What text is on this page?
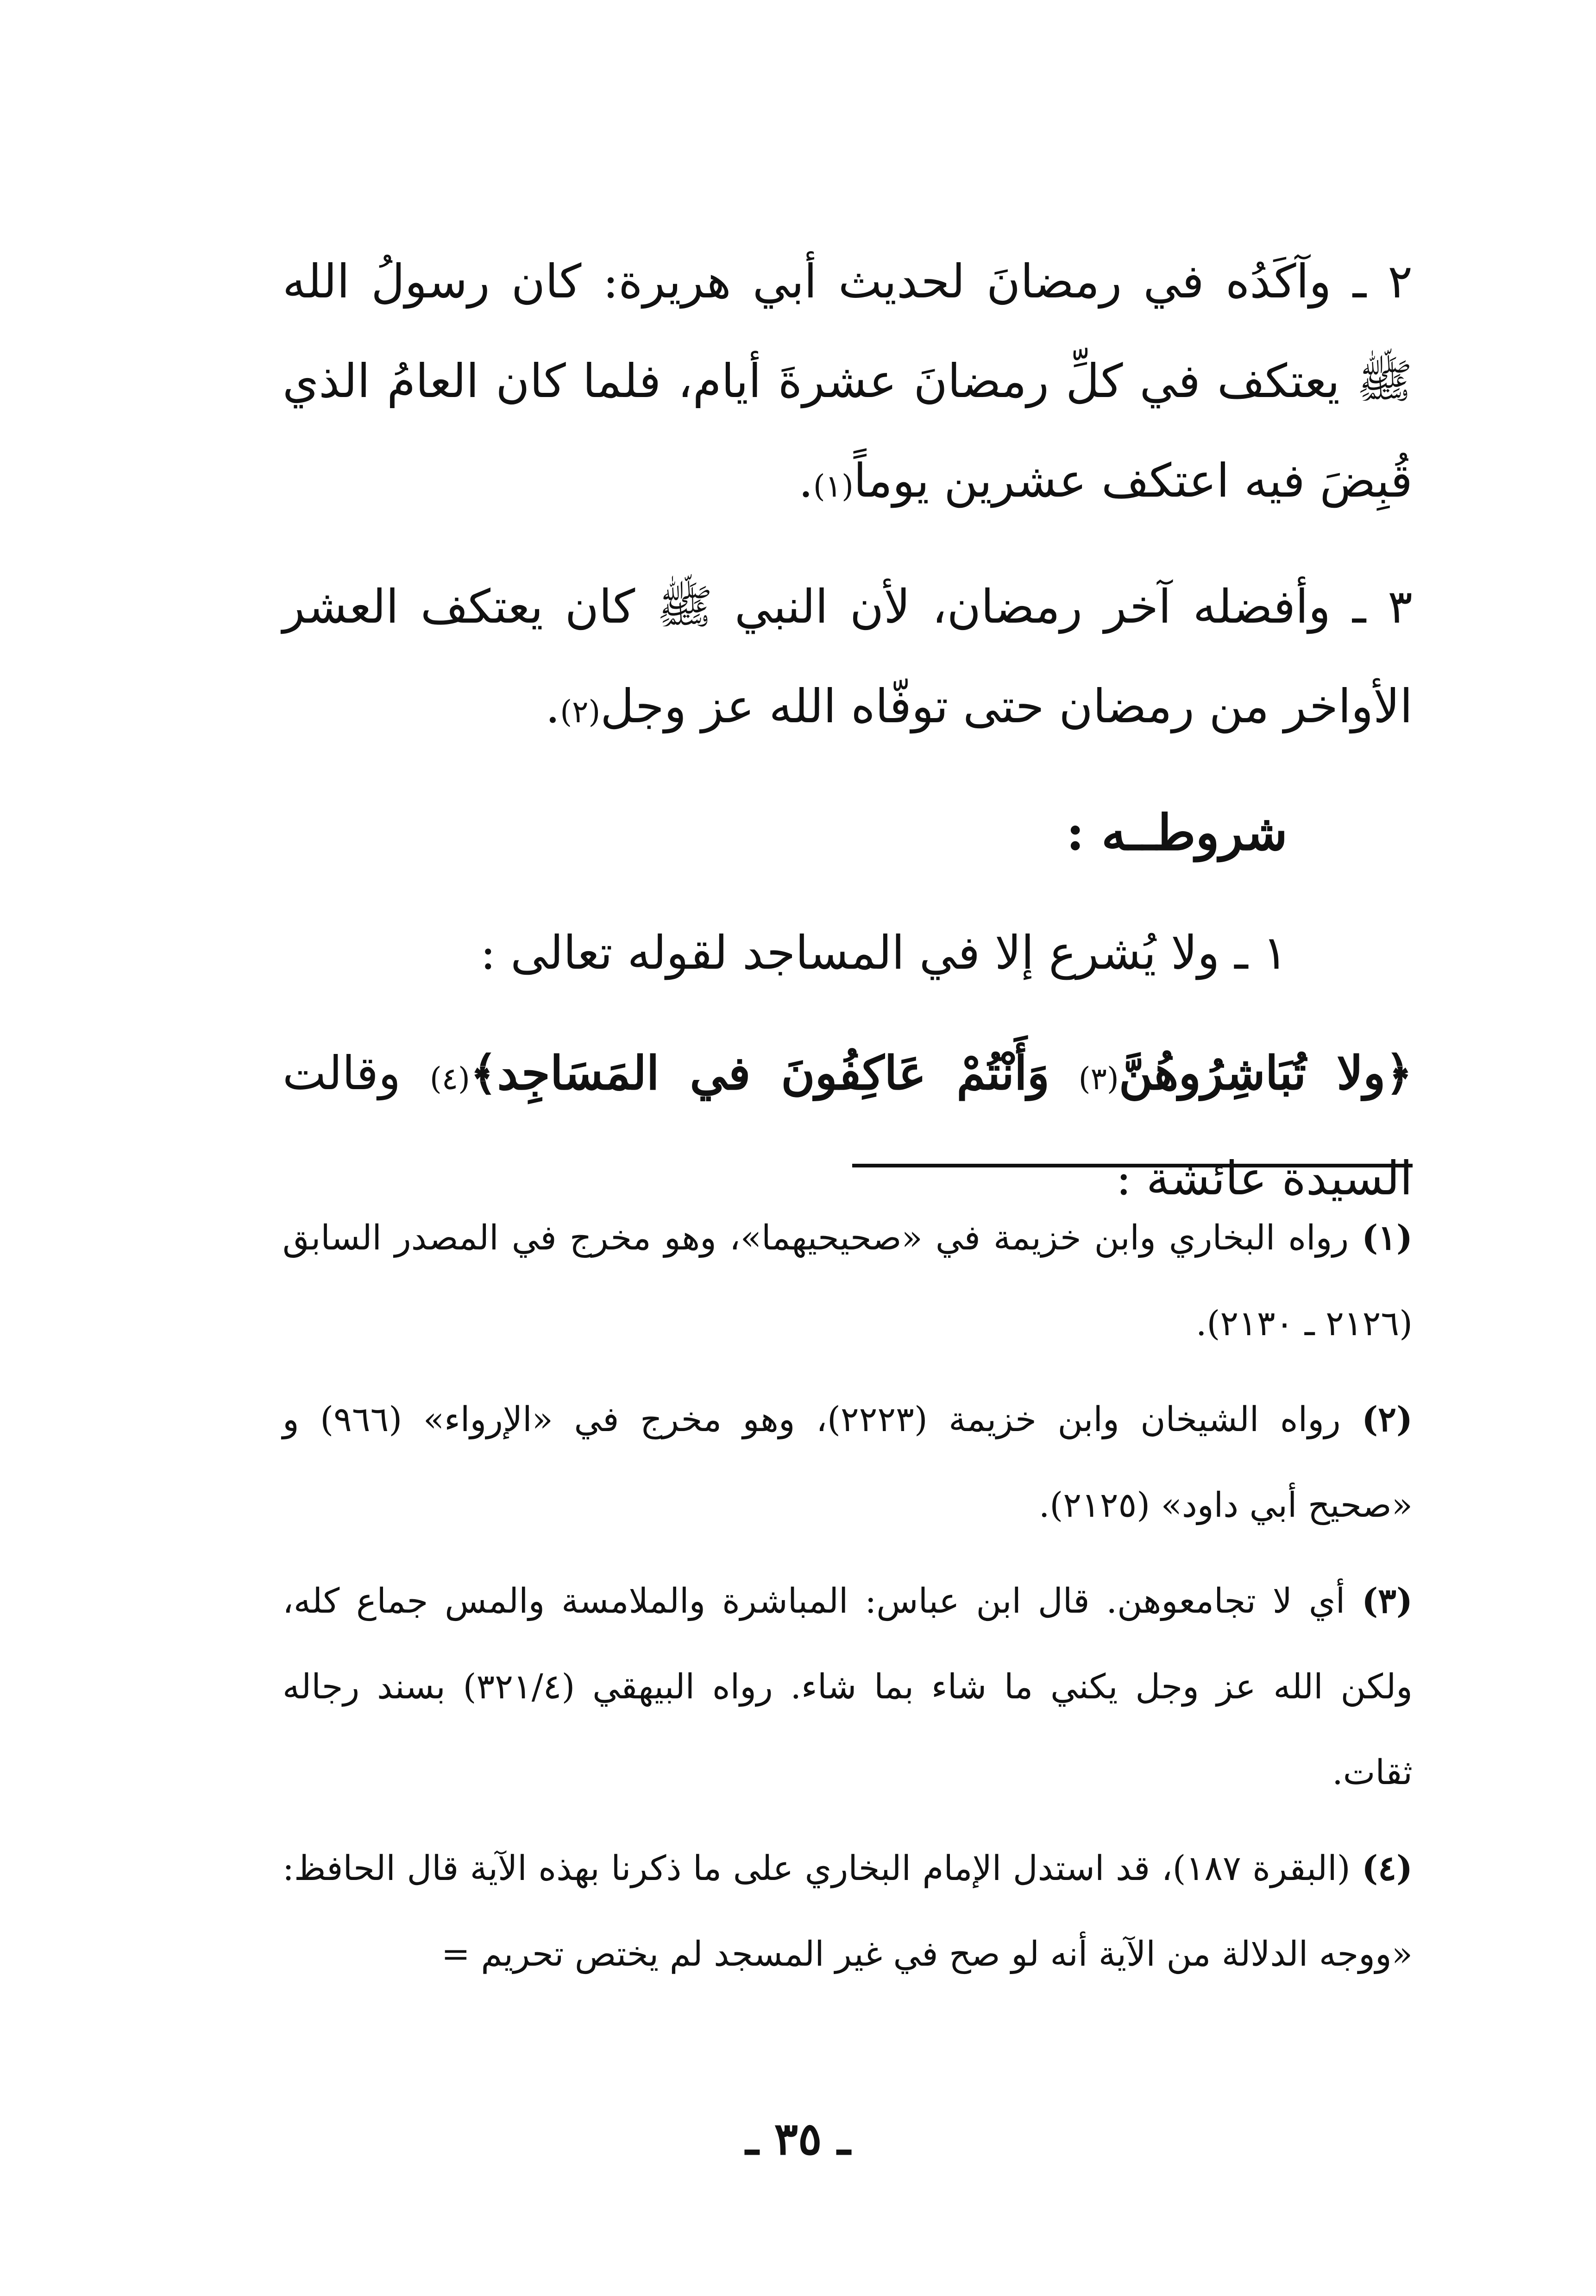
٢ ـ وآكَدُه في رمضانَ لحديث أبي هريرة: كان رسولُ الله ﷺ يعتكف في كلِّ رمضانَ عشرةَ أيام، فلما كان العامُ الذي قُبِضَ فيه اعتكف عشرين يوماً(١).

٣ ـ وأفضله آخر رمضان، لأن النبي ﷺ كان يعتكف العشر الأواخر من رمضان حتى توفّاه الله عز وجل(٢).

شروطــه :

١ ـ ولا يُشرع إلا في المساجد لقوله تعالى :

﴿ولا تُبَاشِرُوهُنَّ(٣) وَأَنْتُمْ عَاكِفُونَ في المَسَاجِد﴾(٤) وقالت السيدة عائشة :

(١) رواه البخاري وابن خزيمة في «صحيحيهما»، وهو مخرج في المصدر السابق (٢١٢٦ ـ ٢١٣٠).

(٢) رواه الشيخان وابن خزيمة (٢٢٢٣)، وهو مخرج في «الإرواء» (٩٦٦) و «صحيح أبي داود» (٢١٢٥).

(٣) أي لا تجامعوهن. قال ابن عباس: المباشرة والملامسة والمس جماع كله، ولكن الله عز وجل يكني ما شاء بما شاء. رواه البيهقي (٣٢١/٤) بسند رجاله ثقات.

(٤) (البقرة ١٨٧)، قد استدل الإمام البخاري على ما ذكرنا بهذه الآية قال الحافظ: «ووجه الدلالة من الآية أنه لو صح في غير المسجد لم يختص تحريم =

ـ ٣٥ ـ
